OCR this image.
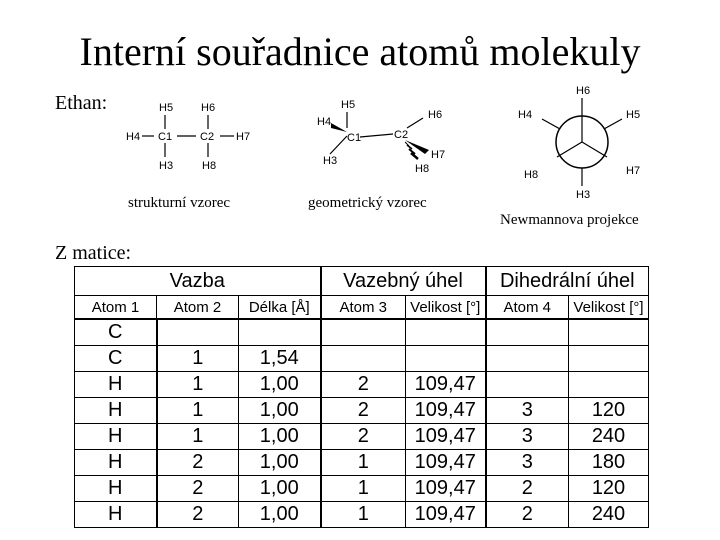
Interní souřadnice atomů molekuly
Ethan:	H5	H6
H4 C1	C2 H7
H3	H8
H5
H4
H6
C1	C2
H3	H7
H8
H6
H4	H5
H8	H7
H3
strukturní vzorec	geometrický vzorec
Newmannova projekce
Z matice:
Vazba			Vazebný úhel		Dihedrální úhel	
Atom 1	Atom 2	Délka [Å]	Atom 3	Velikost [°]	Atom 4	Velikost [°]
C						
C	1	1,54				
H	1	1,00	2	109,47		
H	1	1,00	2	109,47	3	120
H	1	1,00	2	109,47	3	240
H	2	1,00	1	109,47	3	180
H	2	1,00	1	109,47	2	120
H	2	1,00	1	109,47	2	240
